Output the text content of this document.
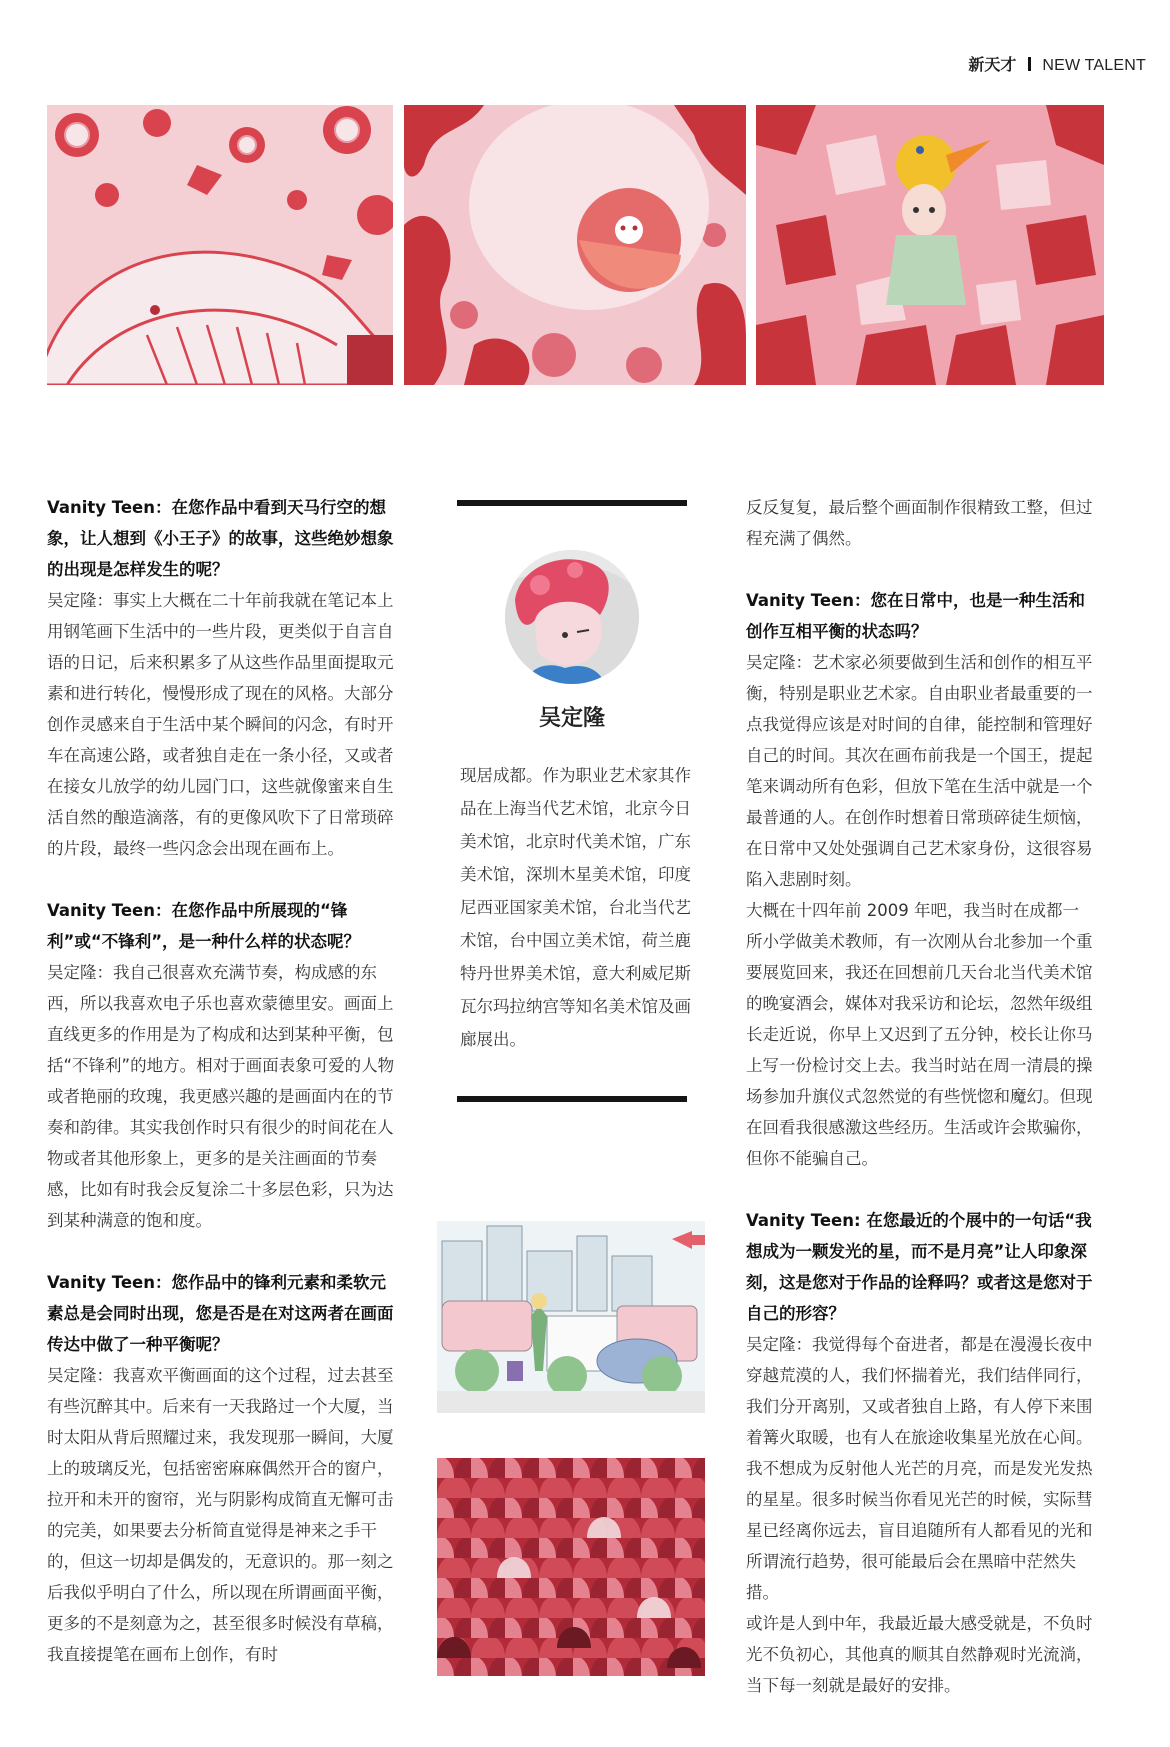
新天才 NEW TALENT

Vanity Teen：在您作品中看到天马行空的想象，让人想到《小王子》的故事，这些绝妙想象的出现是怎样发生的呢？

吴定隆：事实上大概在二十年前我就在笔记本上用钢笔画下生活中的一些片段，更类似于自言自语的日记，后来积累多了从这些作品里面提取元素和进行转化，慢慢形成了现在的风格。大部分创作灵感来自于生活中某个瞬间的闪念，有时开车在高速公路，或者独自走在一条小径，又或者在接女儿放学的幼儿园门口，这些就像蜜来自生活自然的酿造滴落，有的更像风吹下了日常琐碎的片段，最终一些闪念会出现在画布上。

Vanity Teen：在您作品中所展现的“锋利”或“不锋利”，是一种什么样的状态呢？

吴定隆：我自己很喜欢充满节奏，构成感的东西，所以我喜欢电子乐也喜欢蒙德里安。画面上直线更多的作用是为了构成和达到某种平衡，包括“不锋利”的地方。相对于画面表象可爱的人物或者艳丽的玫瑰，我更感兴趣的是画面内在的节奏和韵律。其实我创作时只有很少的时间花在人物或者其他形象上，更多的是关注画面的节奏感，比如有时我会反复涂二十多层色彩，只为达到某种满意的饱和度。

Vanity Teen：您作品中的锋利元素和柔软元素总是会同时出现，您是否是在对这两者在画面传达中做了一种平衡呢？

吴定隆：我喜欢平衡画面的这个过程，过去甚至有些沉醉其中。后来有一天我路过一个大厦，当时太阳从背后照耀过来，我发现那一瞬间，大厦上的玻璃反光，包括密密麻麻偶然开合的窗户，拉开和未开的窗帘，光与阴影构成简直无懈可击的完美，如果要去分析简直觉得是神来之手干的，但这一切却是偶发的，无意识的。那一刻之后我似乎明白了什么，所以现在所谓画面平衡，更多的不是刻意为之，甚至很多时候没有草稿，我直接提笔在画布上创作，有时

吴定隆
现居成都。作为职业艺术家其作品在上海当代艺术馆，北京今日美术馆，北京时代美术馆，广东美术馆，深圳木星美术馆，印度尼西亚国家美术馆，台北当代艺术馆，台中国立美术馆，荷兰鹿特丹世界美术馆，意大利威尼斯瓦尔玛拉纳宫等知名美术馆及画廊展出。

反反复复，最后整个画面制作很精致工整，但过程充满了偶然。

Vanity Teen：您在日常中，也是一种生活和创作互相平衡的状态吗？

吴定隆：艺术家必须要做到生活和创作的相互平衡，特别是职业艺术家。自由职业者最重要的一点我觉得应该是对时间的自律，能控制和管理好自己的时间。其次在画布前我是一个国王，提起笔来调动所有色彩，但放下笔在生活中就是一个最普通的人。在创作时想着日常琐碎徒生烦恼，在日常中又处处强调自己艺术家身份，这很容易陷入悲剧时刻。

大概在十四年前 2009 年吧，我当时在成都一所小学做美术教师，有一次刚从台北参加一个重要展览回来，我还在回想前几天台北当代美术馆的晚宴酒会，媒体对我采访和论坛，忽然年级组长走近说，你早上又迟到了五分钟，校长让你马上写一份检讨交上去。我当时站在周一清晨的操场参加升旗仪式忽然觉的有些恍惚和魔幻。但现在回看我很感激这些经历。生活或许会欺骗你，但你不能骗自己。

Vanity Teen: 在您最近的个展中的一句话“我想成为一颗发光的星，而不是月亮”让人印象深刻，这是您对于作品的诠释吗？或者这是您对于自己的形容？

吴定隆：我觉得每个奋进者，都是在漫漫长夜中穿越荒漠的人，我们怀揣着光，我们结伴同行，我们分开离别，又或者独自上路，有人停下来围着篝火取暖，也有人在旅途收集星光放在心间。我不想成为反射他人光芒的月亮，而是发光发热的星星。很多时候当你看见光芒的时候，实际彗星已经离你远去，盲目追随所有人都看见的光和所谓流行趋势，很可能最后会在黑暗中茫然失措。

或许是人到中年，我最近最大感受就是，不负时光不负初心，其他真的顺其自然静观时光流淌，当下每一刻就是最好的安排。
